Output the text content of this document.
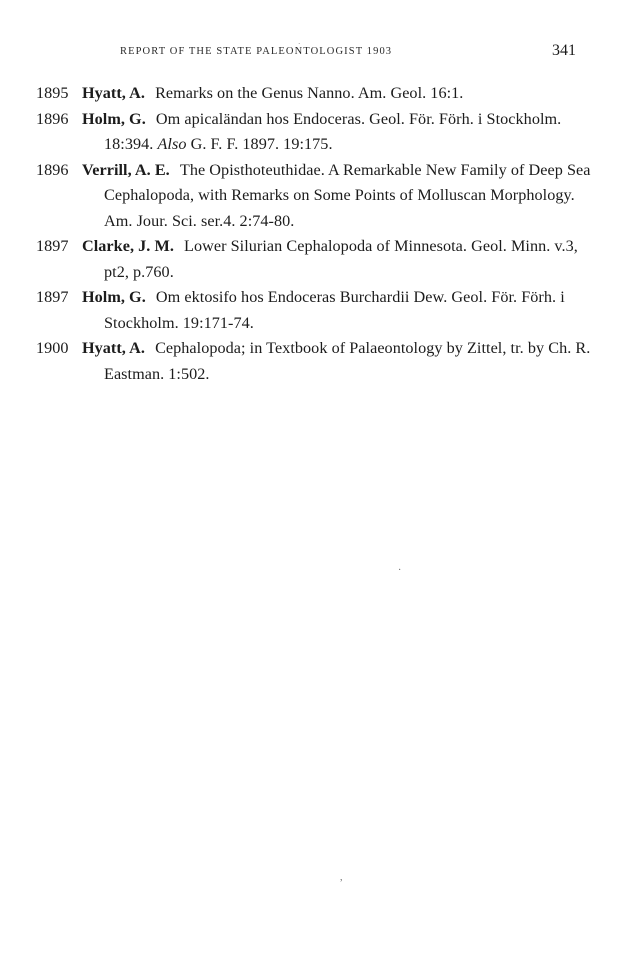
REPORT OF THE STATE PALEONTOLOGIST 1903	341

1895 Hyatt, A. Remarks on the Genus Nanno. Am. Geol. 16:1.

1896 Holm, G. Om apicaländan hos Endoceras. Geol. För. Förh. i Stockholm. 18:394. Also G. F. F. 1897. 19:175.

1896 Verrill, A. E. The Opisthoteuthidae. A Remarkable New Family of Deep Sea Cephalopoda, with Remarks on Some Points of Molluscan Morphology. Am. Jour. Sci. ser.4. 2:74-80.

1897 Clarke, J. M. Lower Silurian Cephalopoda of Minnesota. Geol. Minn. v.3, pt2, p.760.

1897 Holm, G. Om ektosifo hos Endoceras Burchardii Dew. Geol. För. Förh. i Stockholm. 19:171-74.

1900 Hyatt, A. Cephalopoda; in Textbook of Palaeontology by Zittel, tr. by Ch. R. Eastman. 1:502.

·
,
·
